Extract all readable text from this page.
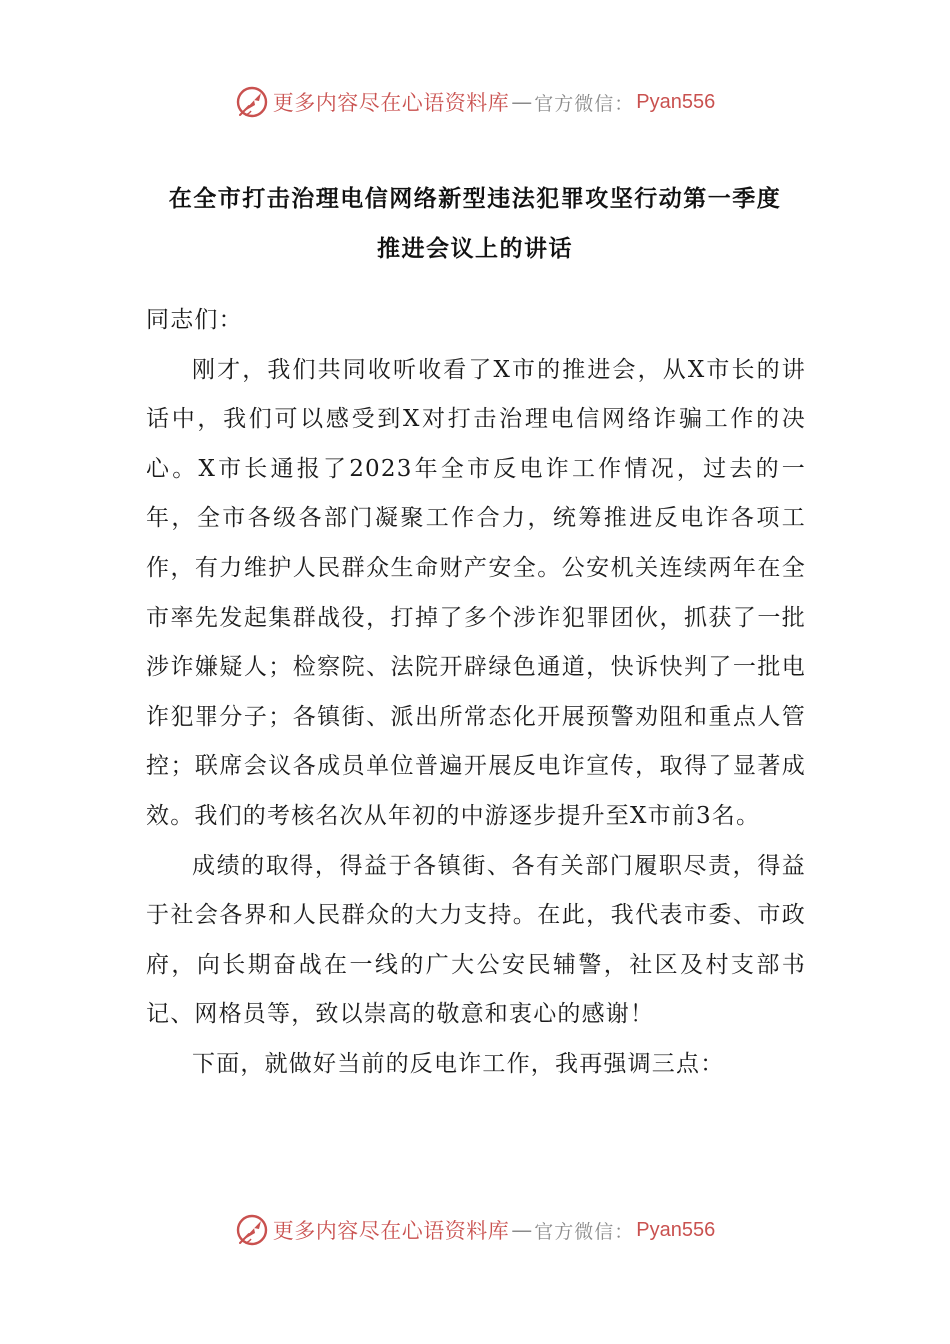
更多内容尽在心语资料库 — 官方微信： Pyan556
在全市打击治理电信网络新型违法犯罪攻坚行动第一季度
推进会议上的讲话

同志们：

刚才，我们共同收听收看了X市的推进会，从X市长的讲话中，我们可以感受到X对打击治理电信网络诈骗工作的决心。X市长通报了2023年全市反电诈工作情况，过去的一年，全市各级各部门凝聚工作合力，统筹推进反电诈各项工作，有力维护人民群众生命财产安全。公安机关连续两年在全市率先发起集群战役，打掉了多个涉诈犯罪团伙，抓获了一批涉诈嫌疑人；检察院、法院开辟绿色通道，快诉快判了一批电诈犯罪分子；各镇街、派出所常态化开展预警劝阻和重点人管控；联席会议各成员单位普遍开展反电诈宣传，取得了显著成效。我们的考核名次从年初的中游逐步提升至X市前3名。

成绩的取得，得益于各镇街、各有关部门履职尽责，得益于社会各界和人民群众的大力支持。在此，我代表市委、市政府，向长期奋战在一线的广大公安民辅警，社区及村支部书记、网格员等，致以崇高的敬意和衷心的感谢！

下面，就做好当前的反电诈工作，我再强调三点：

更多内容尽在心语资料库 — 官方微信： Pyan556
